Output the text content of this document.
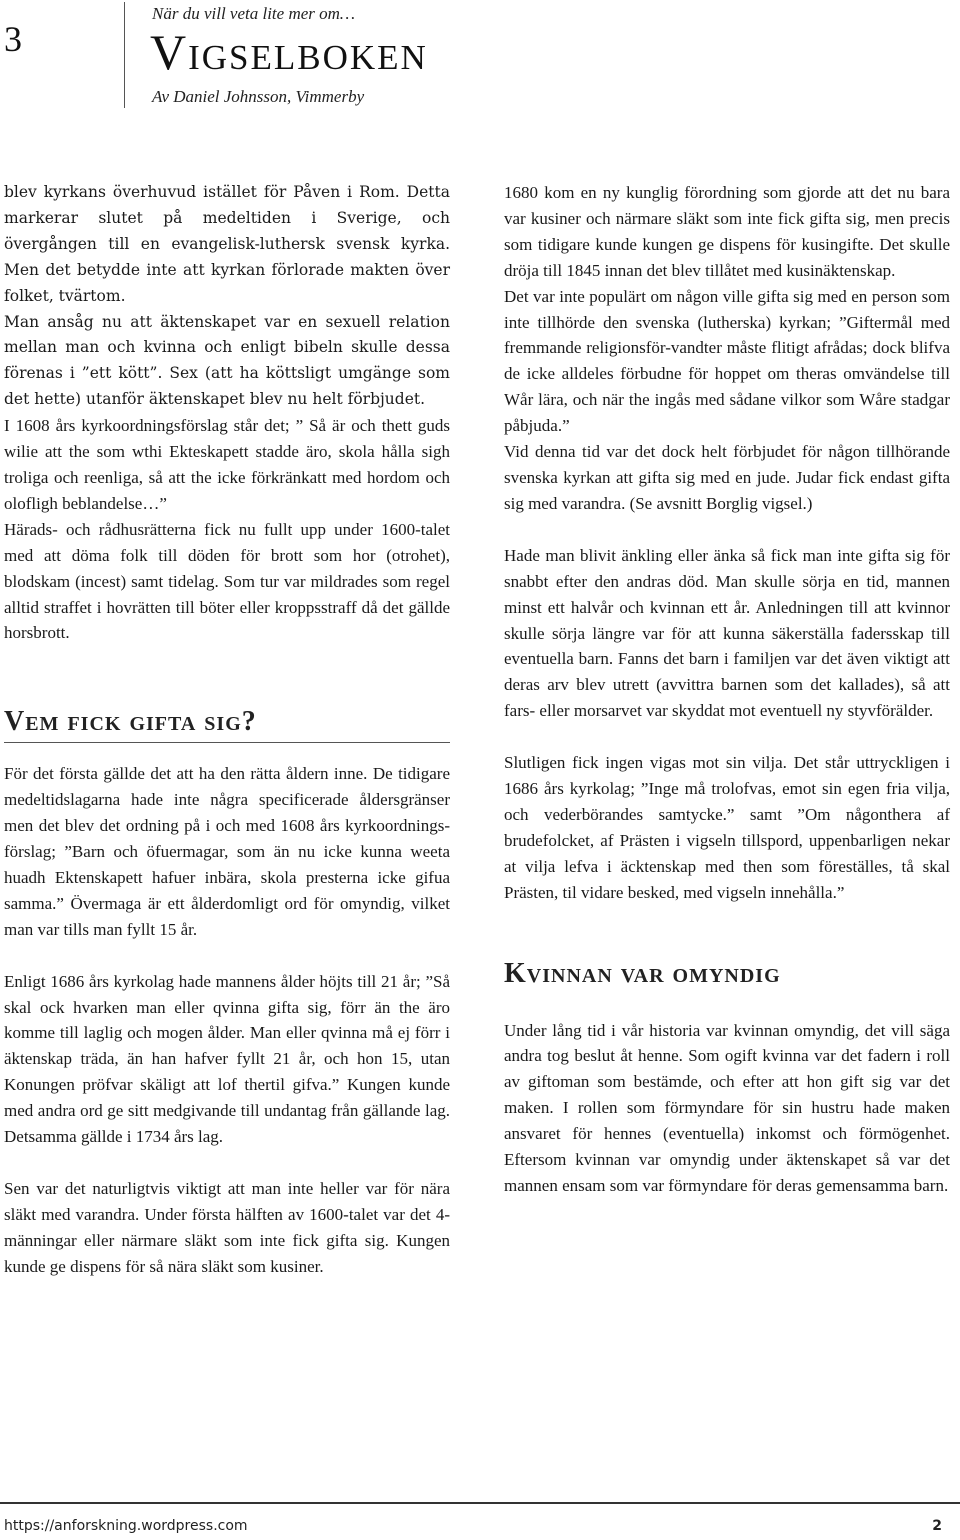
3
När du vill veta lite mer om…
Vigselboken
Av Daniel Johnsson, Vimmerby

blev kyrkans överhuvud istället för Påven i Rom. Detta markerar slutet på medeltiden i Sverige, och övergången till en evangelisk-luthersk svensk kyrka. Men det betydde inte att kyrkan förlorade makten över folket, tvärtom.

Man ansåg nu att äktenskapet var en sexuell relation mellan man och kvinna och enligt bibeln skulle dessa förenas i ”ett kött”. Sex (att ha köttsligt umgänge som det hette) utanför äktenskapet blev nu helt förbjudet.

I 1608 års kyrkoordningsförslag står det; ” Så är och thett guds wilie att the som wthi Ekteskapett stadde äro, skola hålla sigh troliga och reenliga, så att the icke förkränkatt med hordom och olofligh beblandelse…”

Härads- och rådhusrätterna fick nu fullt upp under 1600-talet med att döma folk till döden för brott som hor (otrohet), blodskam (incest) samt tidelag. Som tur var mildrades som regel alltid straffet i hovrätten till böter eller kroppsstraff då det gällde horsbrott.

Vem fick gifta sig?

För det första gällde det att ha den rätta åldern inne. De tidigare medeltidslagarna hade inte några specificerade åldersgränser men det blev det ordning på i och med 1608 års kyrkoordnings-förslag; ”Barn och öfuermagar, som än nu icke kunna weeta huadh Ektenskapett hafuer inbära, skola presterna icke gifua samma.” Övermaga är ett ålderdomligt ord för omyndig, vilket man var tills man fyllt 15 år.

Enligt 1686 års kyrkolag hade mannens ålder höjts till 21 år; ”Så skal ock hvarken man eller qvinna gifta sig, förr än the äro komme till laglig och mogen ålder. Man eller qvinna må ej förr i äktenskap träda, än han hafver fyllt 21 år, och hon 15, utan Konungen pröfvar skäligt att lof thertil gifva.” Kungen kunde med andra ord ge sitt medgivande till undantag från gällande lag. Detsamma gällde i 1734 års lag.

Sen var det naturligtvis viktigt att man inte heller var för nära släkt med varandra. Under första hälften av 1600-talet var det 4-männingar eller närmare släkt som inte fick gifta sig. Kungen kunde ge dispens för så nära släkt som kusiner.

1680 kom en ny kunglig förordning som gjorde att det nu bara var kusiner och närmare släkt som inte fick gifta sig, men precis som tidigare kunde kungen ge dispens för kusingifte. Det skulle dröja till 1845 innan det blev tillåtet med kusinäktenskap.

Det var inte populärt om någon ville gifta sig med en person som inte tillhörde den svenska (lutherska) kyrkan; ”Giftermål med fremmande religionsför-vandter måste flitigt afrådas; dock blifva de icke alldeles förbudne för hoppet om theras omvändelse till Wår lära, och när the ingås med sådane vilkor som Wåre stadgar påbjuda.”

Vid denna tid var det dock helt förbjudet för någon tillhörande svenska kyrkan att gifta sig med en jude. Judar fick endast gifta sig med varandra. (Se avsnitt Borglig vigsel.)

Hade man blivit änkling eller änka så fick man inte gifta sig för snabbt efter den andras död. Man skulle sörja en tid, mannen minst ett halvår och kvinnan ett år. Anledningen till att kvinnor skulle sörja längre var för att kunna säkerställa fadersskap till eventuella barn. Fanns det barn i familjen var det även viktigt att deras arv blev utrett (avvittra barnen som det kallades), så att fars- eller morsarvet var skyddat mot eventuell ny styvförälder.

Slutligen fick ingen vigas mot sin vilja. Det står uttryckligen i 1686 års kyrkolag; ”Inge må trolofvas, emot sin egen fria vilja, och vederbörandes samtycke.” samt ”Om någonthera af brudefolcket, af Prästen i vigseln tillspord, uppenbarligen nekar at vilja lefva i äcktenskap med then som föreställes, tå skal Prästen, til vidare besked, med vigseln innehålla.”

Kvinnan var omyndig

Under lång tid i vår historia var kvinnan omyndig, det vill säga andra tog beslut åt henne. Som ogift kvinna var det fadern i roll av giftoman som bestämde, och efter att hon gift sig var det maken. I rollen som förmyndare för sin hustru hade maken ansvaret för hennes (eventuella) inkomst och förmögenhet. Eftersom kvinnan var omyndig under äktenskapet så var det mannen ensam som var förmyndare för deras gemensamma barn.

https://anforskning.wordpress.com	2
